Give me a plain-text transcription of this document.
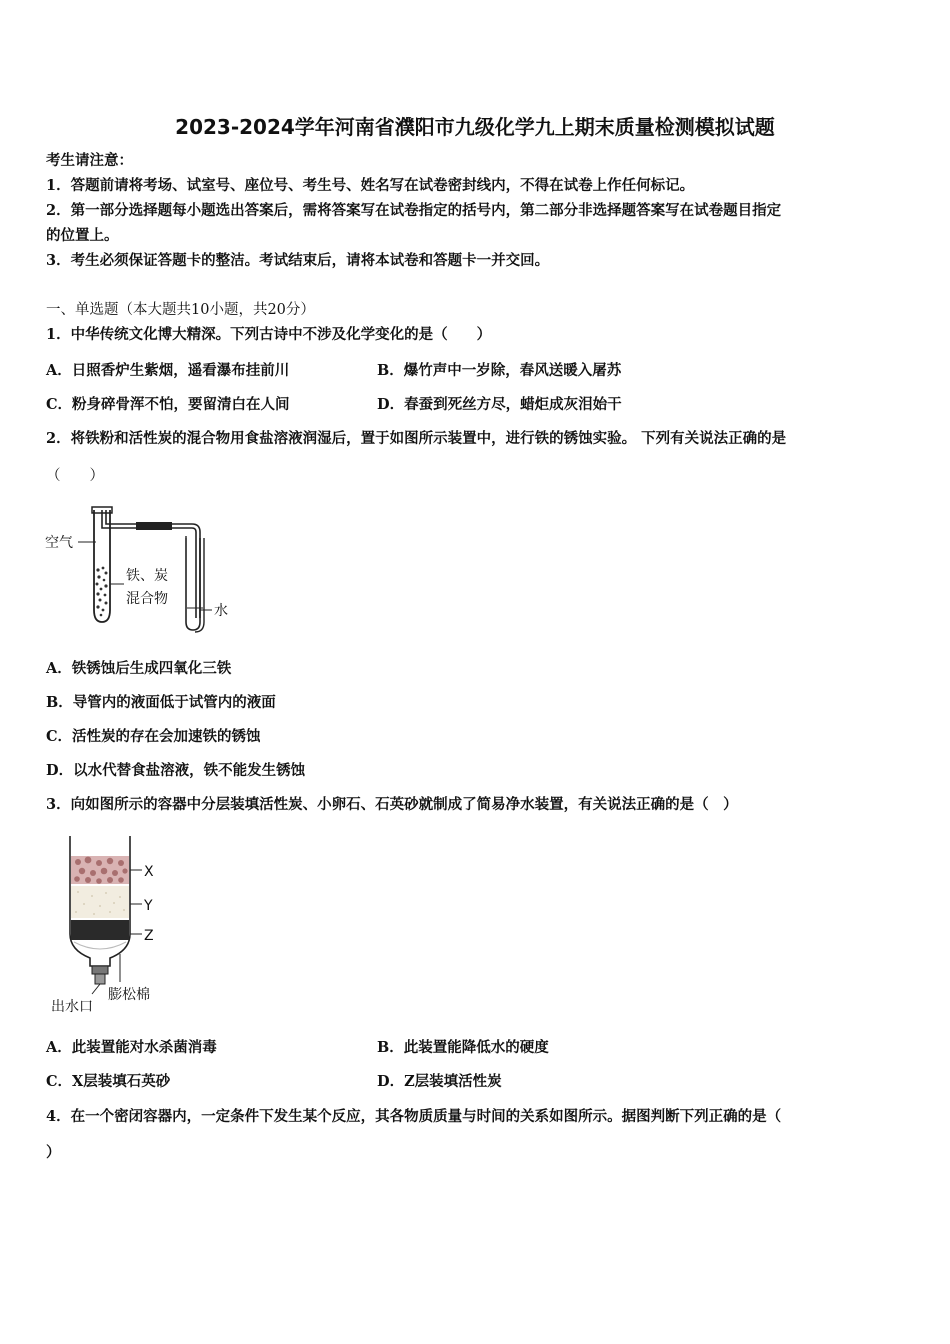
2023-2024学年河南省濮阳市九级化学九上期末质量检测模拟试题
考生请注意：
1．答题前请将考场、试室号、座位号、考生号、姓名写在试卷密封线内，不得在试卷上作任何标记。
2．第一部分选择题每小题选出答案后，需将答案写在试卷指定的括号内，第二部分非选择题答案写在试卷题目指定
的位置上。
3．考生必须保证答题卡的整洁。考试结束后，请将本试卷和答题卡一并交回。
一、单选题（本大题共10小题，共20分）
1．中华传统文化博大精深。下列古诗中不涉及化学变化的是（　　）
A．日照香炉生紫烟，遥看瀑布挂前川	B．爆竹声中一岁除，春风送暖入屠苏
C．粉身碎骨浑不怕，要留清白在人间	D．春蚕到死丝方尽，蜡炬成灰泪始干
2．将铁粉和活性炭的混合物用食盐溶液润湿后，置于如图所示装置中，进行铁的锈蚀实验。 下列有关说法正确的是
（　　）
空气
铁、炭
混合物
水
A．铁锈蚀后生成四氧化三铁
B．导管内的液面低于试管内的液面
C．活性炭的存在会加速铁的锈蚀
D．以水代替食盐溶液，铁不能发生锈蚀
3．向如图所示的容器中分层装填活性炭、小卵石、石英砂就制成了简易净水装置，有关说法正确的是（　）
X
Y
Z
膨松棉
出水口
A．此装置能对水杀菌消毒	B．此装置能降低水的硬度
C．X层装填石英砂	D．Z层装填活性炭
4．在一个密闭容器内，一定条件下发生某个反应，其各物质质量与时间的关系如图所示。据图判断下列正确的是（
）
